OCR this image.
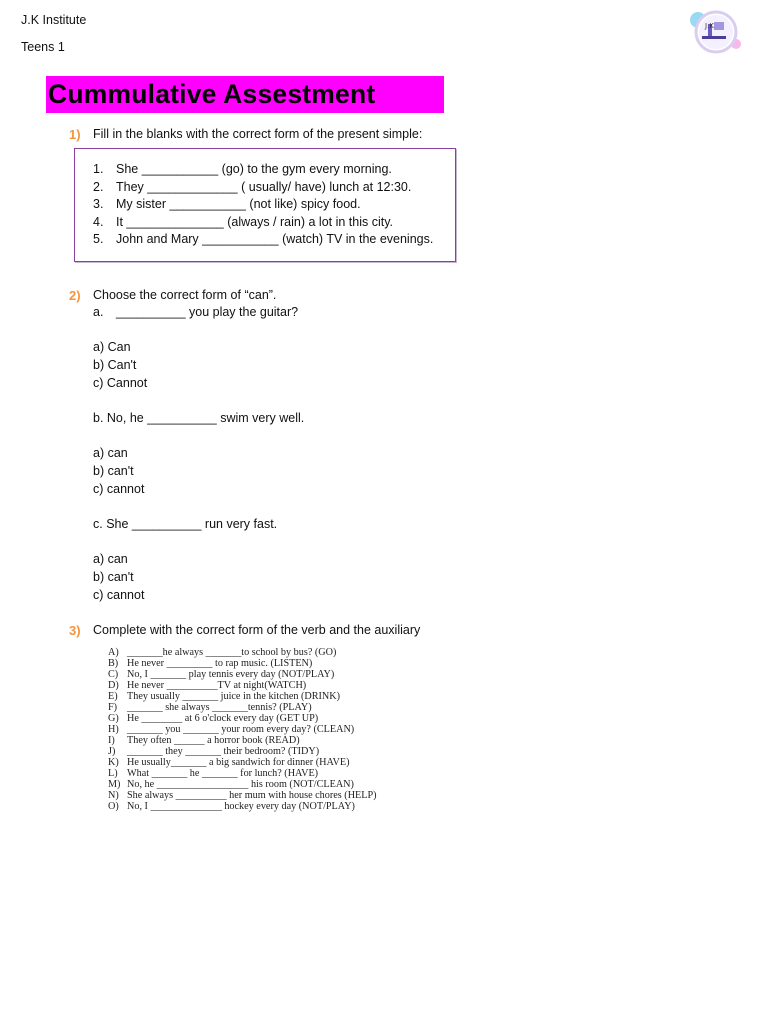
J.K Institute
Teens 1
J.K
Cummulative Assestment
1) Fill in the blanks with the correct form of the present simple:
1. She ___________ (go) to the gym every morning.
2. They _____________ ( usually/ have) lunch at 12:30.
3. My sister ___________ (not like) spicy food.
4. It ______________ (always / rain) a lot in this city.
5. John and Mary ___________ (watch) TV in the evenings.
2) Choose the correct form of “can”.
a. __________ you play the guitar?
a) Can
b) Can't
c) Cannot
b. No, he __________ swim very well.
a) can
b) can't
c) cannot
c. She __________ run very fast.
a) can
b) can't
c) cannot
3) Complete with the correct form of the verb and the auxiliary
A) _______he always _______to school by bus? (GO)
B) He never _________ to rap music. (LISTEN)
C) No, I _______ play tennis every day (NOT/PLAY)
D) He never __________TV at night(WATCH)
E) They usually _______ juice in the kitchen (DRINK)
F) _______ she always _______tennis? (PLAY)
G) He ________ at 6 o'clock every day (GET UP)
H) _______ you _______ your room every day? (CLEAN)
I) They often ______ a horror book (READ)
J) _______ they _______ their bedroom? (TIDY)
K) He usually_______ a big sandwich for dinner (HAVE)
L) What _______ he _______ for lunch? (HAVE)
M) No, he __________________ his room (NOT/CLEAN)
N) She always __________ her mum with house chores (HELP)
O) No, I ______________ hockey every day (NOT/PLAY)
